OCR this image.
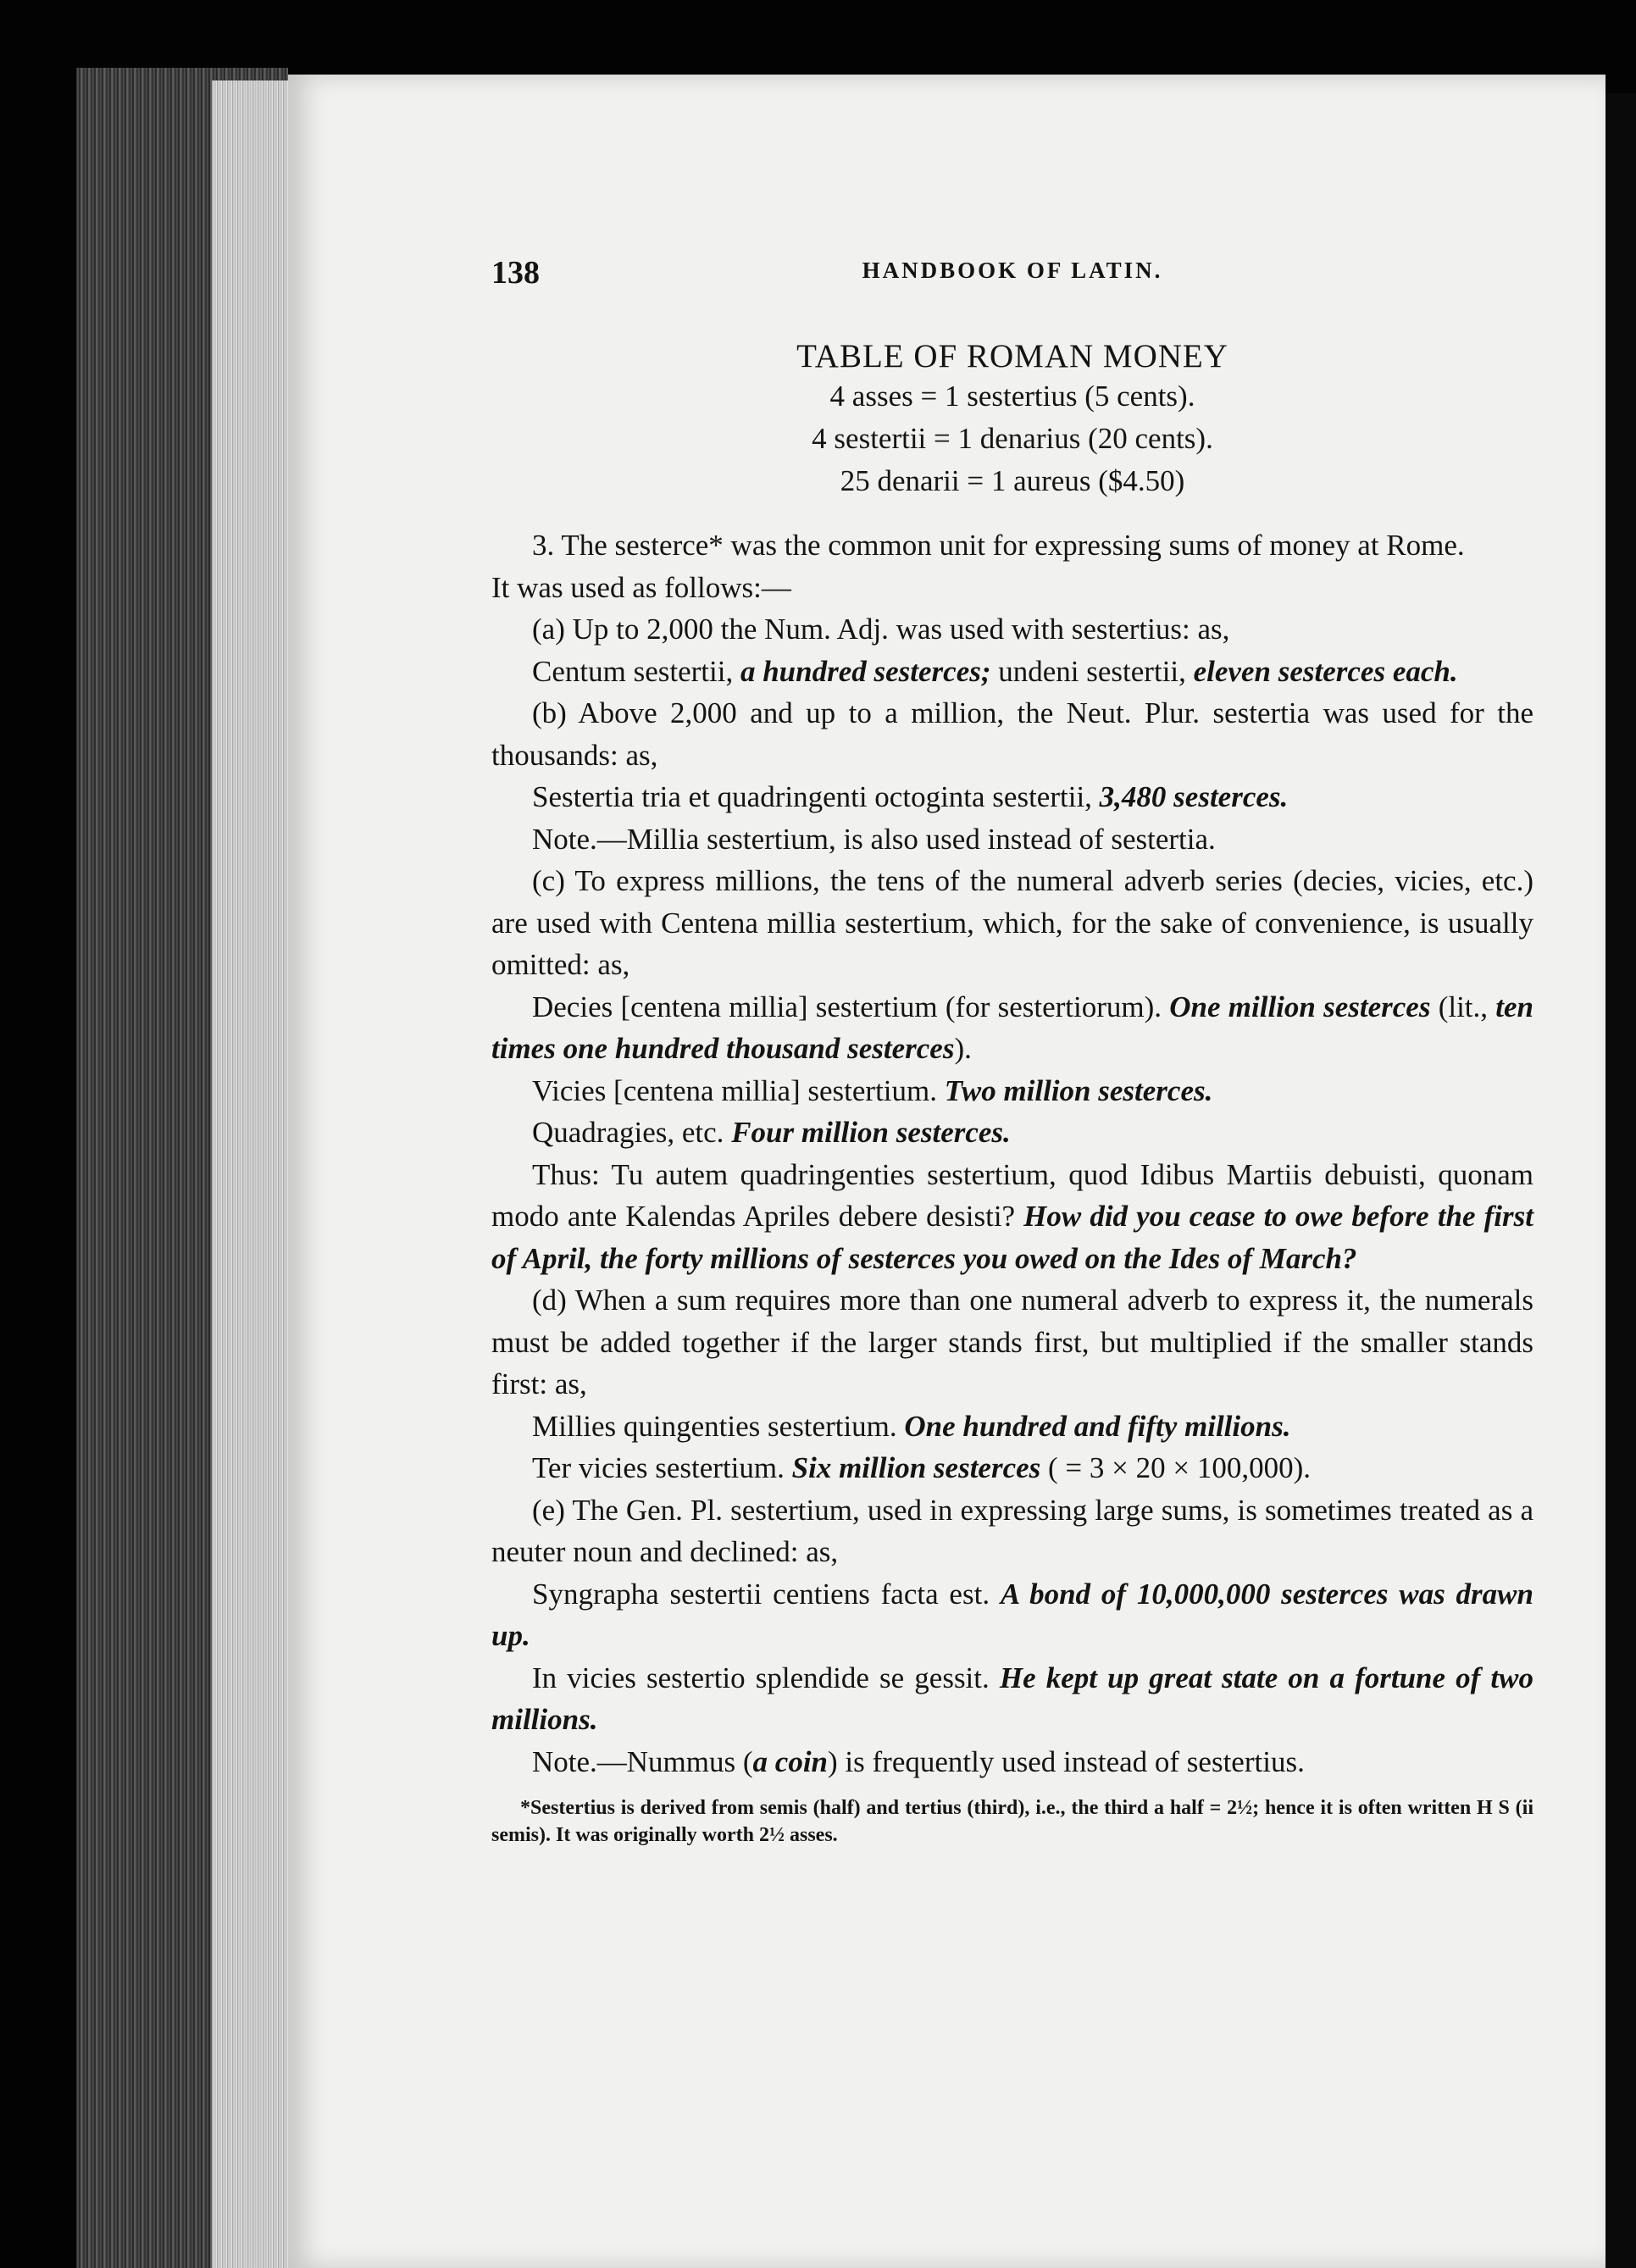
138	HANDBOOK OF LATIN.
TABLE OF ROMAN MONEY
4 asses = 1 sestertius (5 cents).
4 sestertii = 1 denarius (20 cents).
25 denarii = 1 aureus ($4.50)

3. The sesterce* was the common unit for expressing sums of money at Rome.

It was used as follows:—

(a) Up to 2,000 the Num. Adj. was used with sestertius: as,

Centum sestertii, a hundred sesterces; undeni sestertii, eleven sesterces each.

(b) Above 2,000 and up to a million, the Neut. Plur. sestertia was used for the thousands: as,

Sestertia tria et quadringenti octoginta sestertii, 3,480 sesterces.

Note.—Millia sestertium, is also used instead of sestertia.

(c) To express millions, the tens of the numeral adverb series (decies, vicies, etc.) are used with Centena millia sestertium, which, for the sake of convenience, is usually omitted: as,

Decies [centena millia] sestertium (for sestertiorum). One million sesterces (lit., ten times one hundred thousand sesterces).

Vicies [centena millia] sestertium. Two million sesterces.

Quadragies, etc. Four million sesterces.

Thus: Tu autem quadringenties sestertium, quod Idibus Martiis debuisti, quonam modo ante Kalendas Apriles debere desisti? How did you cease to owe before the first of April, the forty millions of sesterces you owed on the Ides of March?

(d) When a sum requires more than one numeral adverb to express it, the numerals must be added together if the larger stands first, but multiplied if the smaller stands first: as,

Millies quingenties sestertium. One hundred and fifty millions.

Ter vicies sestertium. Six million sesterces ( = 3 × 20 × 100,000).

(e) The Gen. Pl. sestertium, used in expressing large sums, is sometimes treated as a neuter noun and declined: as,

Syngrapha sestertii centiens facta est. A bond of 10,000,000 sesterces was drawn up.

In vicies sestertio splendide se gessit. He kept up great state on a fortune of two millions.

Note.—Nummus (a coin) is frequently used instead of sestertius.

*Sestertius is derived from semis (half) and tertius (third), i.e., the third a half = 2½; hence it is often written H S (ii semis). It was originally worth 2½ asses.
